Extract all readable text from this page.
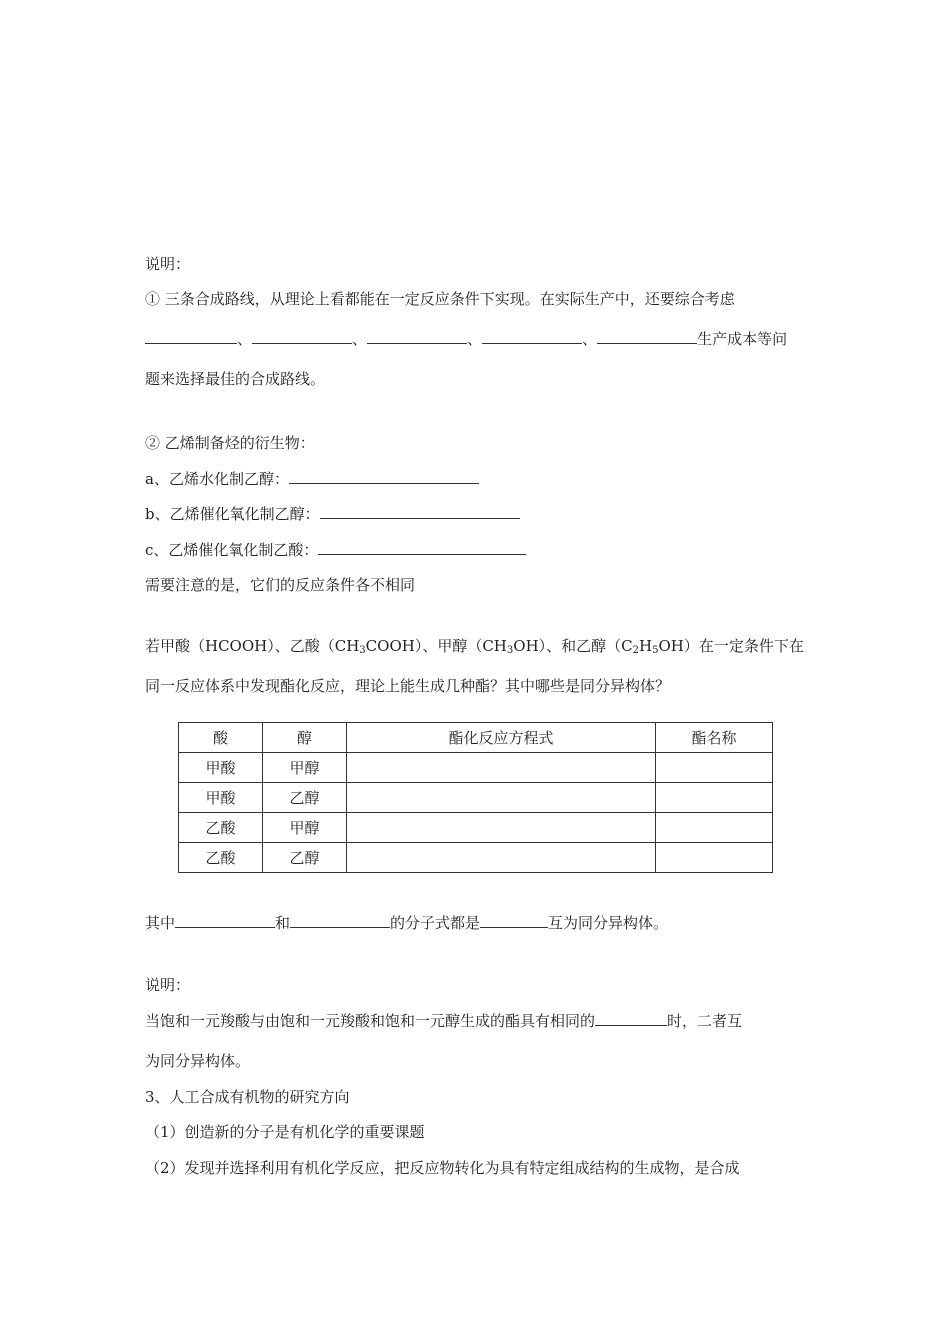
说明：
① 三条合成路线，从理论上看都能在一定反应条件下实现。在实际生产中，还要综合考虑
、	、	、	、	生产成本等问
题来选择最佳的合成路线。
② 乙烯制备烃的衍生物：
a、乙烯水化制乙醇：
b、乙烯催化氧化制乙醇：
c、乙烯催化氧化制乙酸：
需要注意的是，它们的反应条件各不相同
若甲酸（HCOOH）、乙酸$(CH_3COOH)$、甲醇$(CH_3OH)$、和乙醇$(C_2H_5OH)$在一定条件下在
同一反应体系中发现酯化反应，理论上能生成几种酯？其中哪些是同分异构体？
酸	醇	酯化反应方程式	酯名称
甲酸	甲醇		
甲酸	乙醇		
乙酸	甲醇		
乙酸	乙醇		
其中	和	的分子式都是	互为同分异构体。
说明：
当饱和一元羧酸与由饱和一元羧酸和饱和一元醇生成的酯具有相同的	时，二者互
为同分异构体。
3、人工合成有机物的研究方向
（1）创造新的分子是有机化学的重要课题
（2）发现并选择利用有机化学反应，把反应物转化为具有特定组成结构的生成物，是合成
